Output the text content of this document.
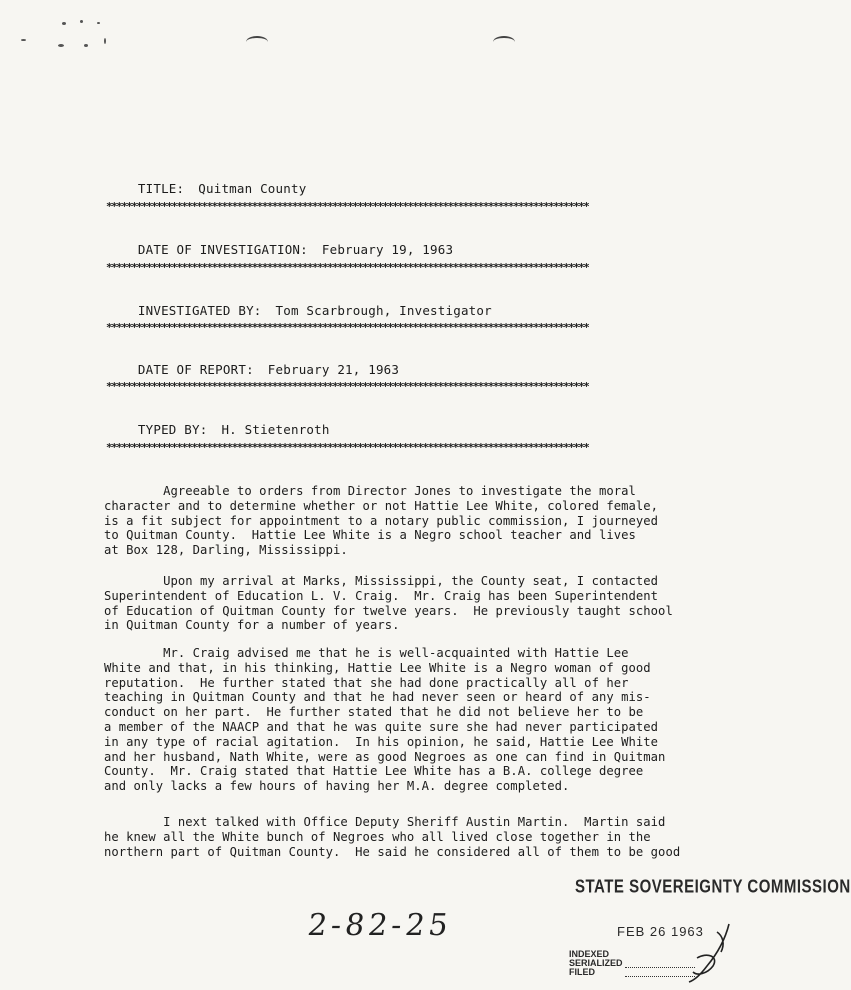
TITLE: Quitman County

************************************************************************************************

DATE OF INVESTIGATION: February 19, 1963

************************************************************************************************

INVESTIGATED BY: Tom Scarbrough, Investigator

************************************************************************************************

DATE OF REPORT: February 21, 1963

************************************************************************************************

TYPED BY: H. Stietenroth

************************************************************************************************
Agreeable to orders from Director Jones to investigate the moral
character and to determine whether or not Hattie Lee White, colored female,
is a fit subject for appointment to a notary public commission, I journeyed
to Quitman County.  Hattie Lee White is a Negro school teacher and lives
at Box 128, Darling, Mississippi.
Upon my arrival at Marks, Mississippi, the County seat, I contacted
Superintendent of Education L. V. Craig.  Mr. Craig has been Superintendent
of Education of Quitman County for twelve years.  He previously taught school
in Quitman County for a number of years.
Mr. Craig advised me that he is well-acquainted with Hattie Lee
White and that, in his thinking, Hattie Lee White is a Negro woman of good
reputation.  He further stated that she had done practically all of her
teaching in Quitman County and that he had never seen or heard of any mis-
conduct on her part.  He further stated that he did not believe her to be
a member of the NAACP and that he was quite sure she had never participated
in any type of racial agitation.  In his opinion, he said, Hattie Lee White
and her husband, Nath White, were as good Negroes as one can find in Quitman
County.  Mr. Craig stated that Hattie Lee White has a B.A. college degree
and only lacks a few hours of having her M.A. degree completed.
I next talked with Office Deputy Sheriff Austin Martin.  Martin said
he knew all the White bunch of Negroes who all lived close together in the
northern part of Quitman County.  He said he considered all of them to be good
2-82-25
STATE SOVEREIGNTY COMMISSION
FEB 26 1963
INDEXED
SERIALIZED
FILED
